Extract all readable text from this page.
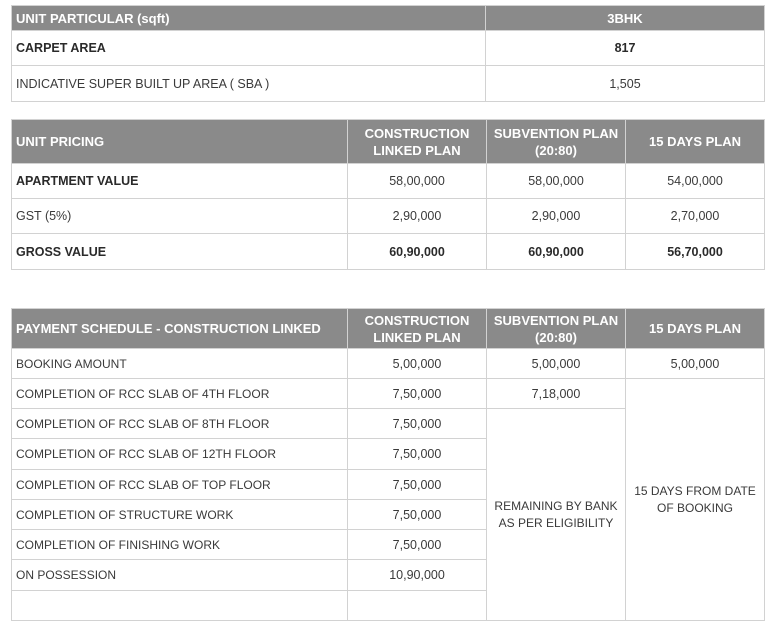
UNIT PARTICULAR (sqft)	3BHK
CARPET AREA	817
INDICATIVE SUPER BUILT UP AREA ( SBA )	1,505
UNIT PRICING	CONSTRUCTION LINKED PLAN	SUBVENTION PLAN (20:80)	15 DAYS PLAN
APARTMENT VALUE	58,00,000	58,00,000	54,00,000
GST (5%)	2,90,000	2,90,000	2,70,000
GROSS VALUE	60,90,000	60,90,000	56,70,000
PAYMENT SCHEDULE - CONSTRUCTION LINKED	CONSTRUCTION LINKED PLAN	SUBVENTION PLAN (20:80)	15 DAYS PLAN
BOOKING AMOUNT	5,00,000	5,00,000	5,00,000
COMPLETION OF RCC SLAB OF 4TH FLOOR	7,50,000	7,18,000	15 DAYS FROM DATE OF BOOKING
COMPLETION OF RCC SLAB OF 8TH FLOOR	7,50,000	REMAINING BY BANK AS PER ELIGIBILITY	
COMPLETION OF RCC SLAB OF 12TH FLOOR	7,50,000		
COMPLETION OF RCC SLAB OF TOP FLOOR	7,50,000		
COMPLETION OF STRUCTURE WORK	7,50,000		
COMPLETION OF FINISHING WORK	7,50,000		
ON POSSESSION	10,90,000		
